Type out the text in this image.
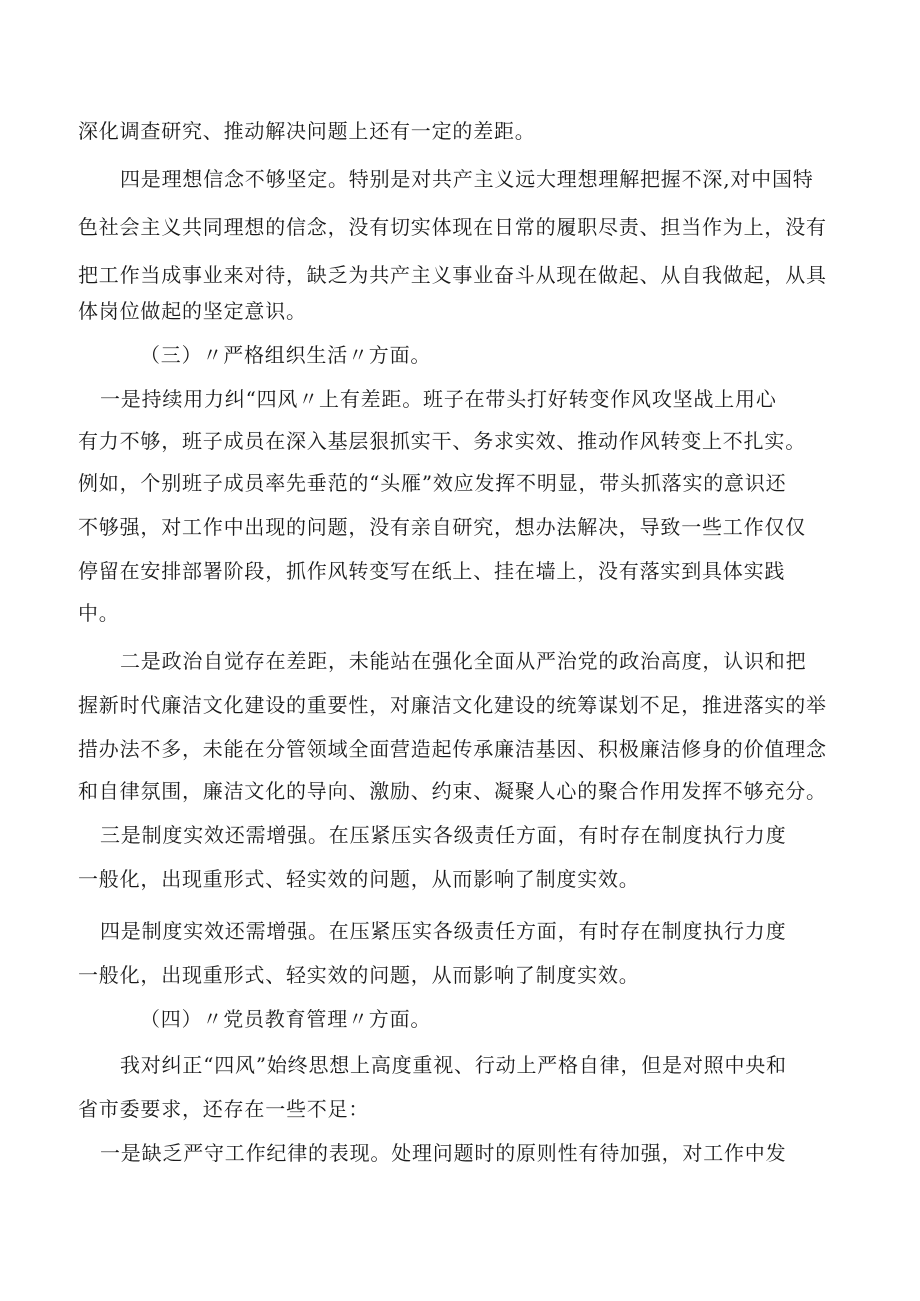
深化调查研究、推动解决问题上还有一定的差距。
四是理想信念不够坚定。特别是对共产主义远大理想理解把握不深,对中国特
色社会主义共同理想的信念，没有切实体现在日常的履职尽责、担当作为上，没有
把工作当成事业来对待，缺乏为共产主义事业奋斗从现在做起、从自我做起，从具
体岗位做起的坚定意识。
（三）〃严格组织生活〃方面。
一是持续用力纠“四风〃上有差距。班子在带头打好转变作风攻坚战上用心
有力不够，班子成员在深入基层狠抓实干、务求实效、推动作风转变上不扎实。
例如，个别班子成员率先垂范的“头雁”效应发挥不明显，带头抓落实的意识还
不够强，对工作中出现的问题，没有亲自研究，想办法解决，导致一些工作仅仅
停留在安排部署阶段，抓作风转变写在纸上、挂在墙上，没有落实到具体实践
中。
二是政治自觉存在差距，未能站在强化全面从严治党的政治高度，认识和把
握新时代廉洁文化建设的重要性，对廉洁文化建设的统筹谋划不足，推进落实的举
措办法不多，未能在分管领域全面营造起传承廉洁基因、积极廉洁修身的价值理念
和自律氛围，廉洁文化的导向、激励、约束、凝聚人心的聚合作用发挥不够充分。
三是制度实效还需增强。在压紧压实各级责任方面，有时存在制度执行力度
一般化，出现重形式、轻实效的问题，从而影响了制度实效。
四是制度实效还需增强。在压紧压实各级责任方面，有时存在制度执行力度
一般化，出现重形式、轻实效的问题，从而影响了制度实效。
（四）〃党员教育管理〃方面。
我对纠正“四风”始终思想上高度重视、行动上严格自律，但是对照中央和
省市委要求，还存在一些不足：
一是缺乏严守工作纪律的表现。处理问题时的原则性有待加强，对工作中发
